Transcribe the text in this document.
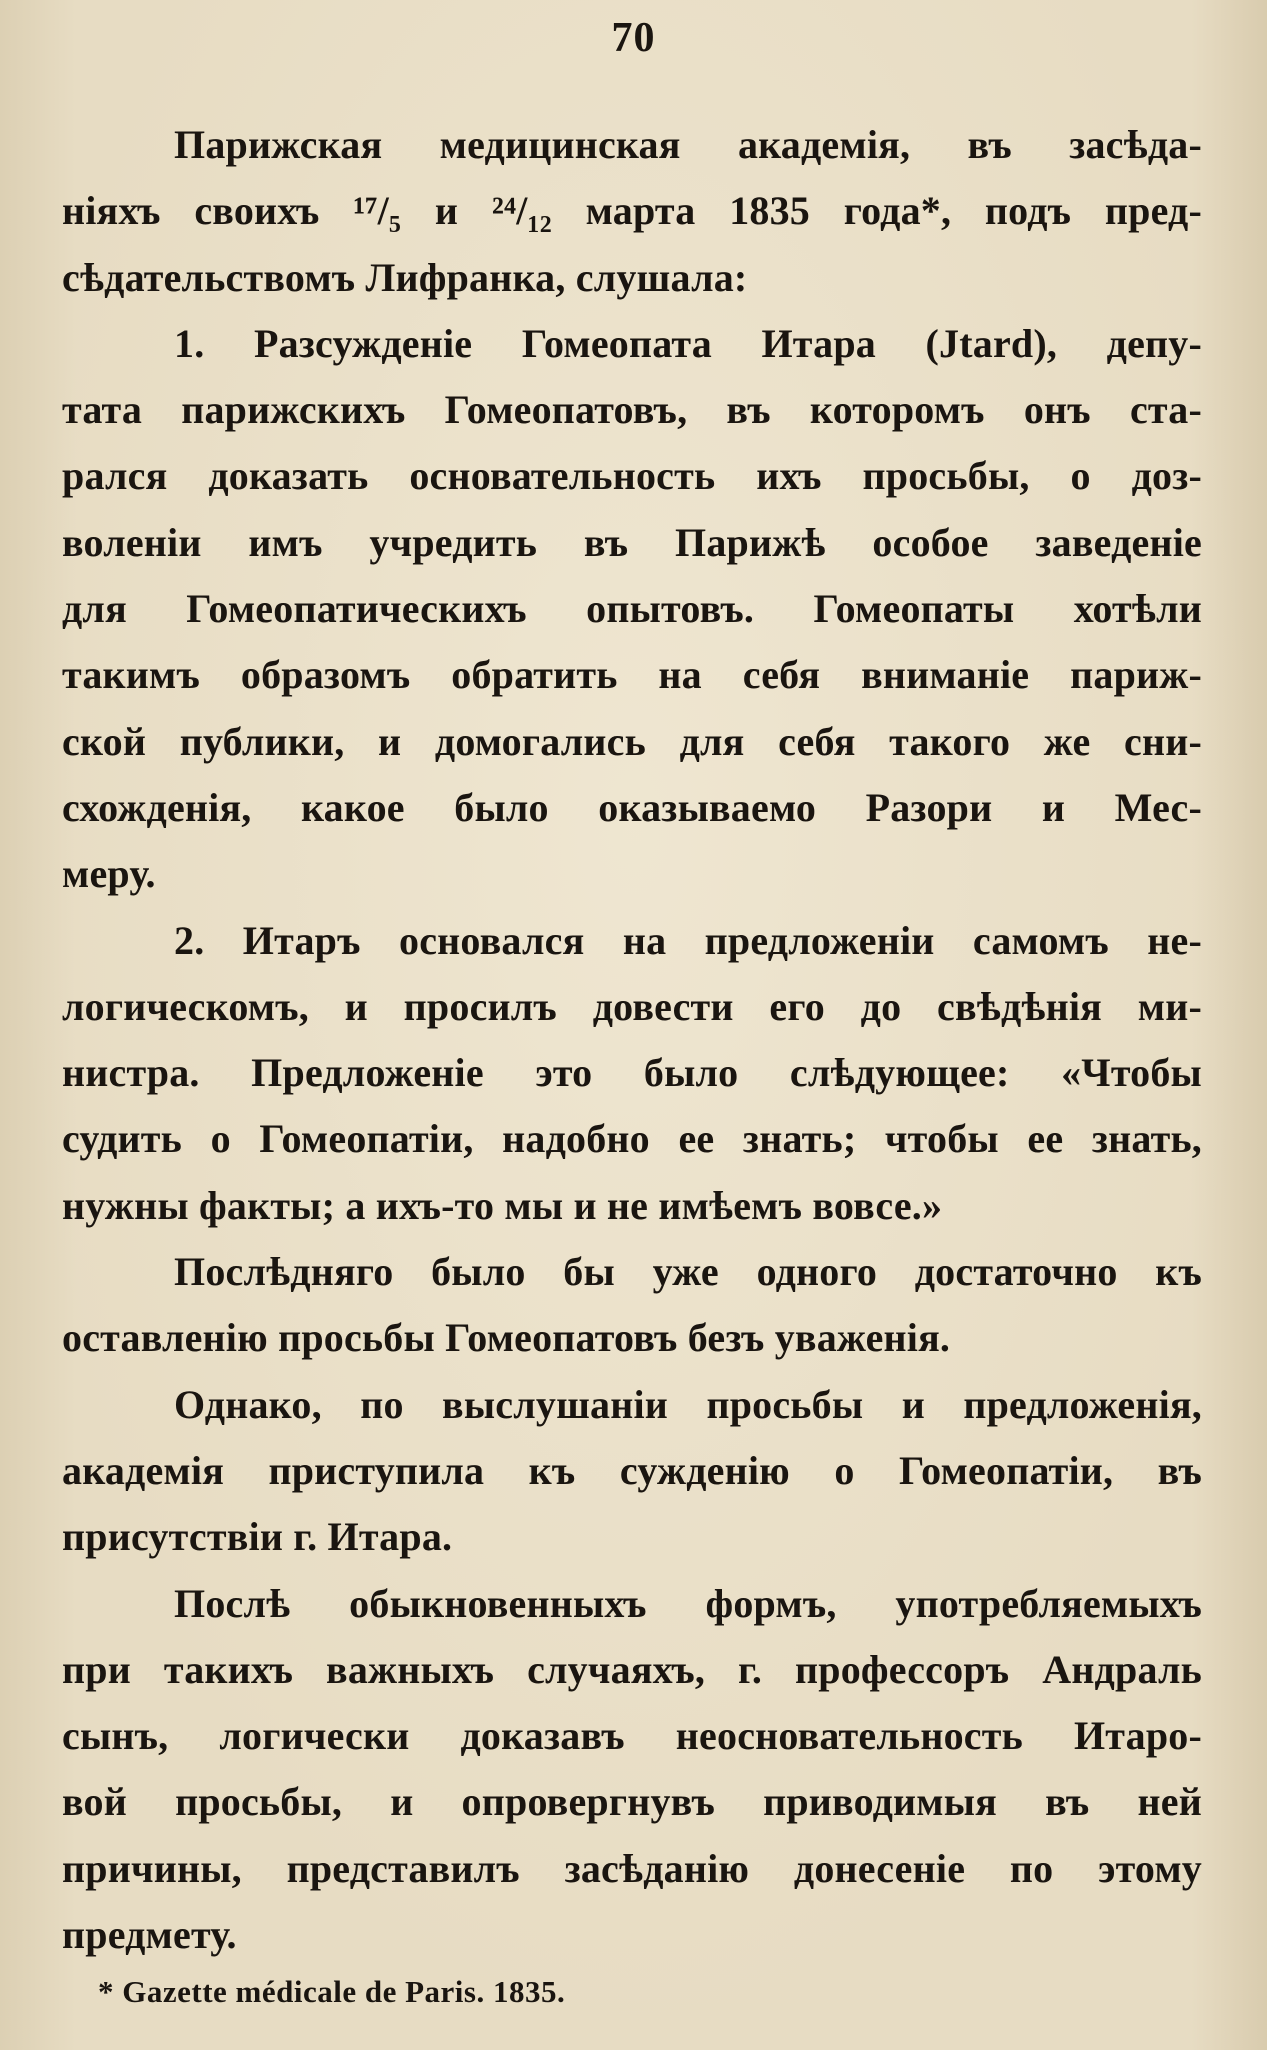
70
Парижская медицинская академія, въ засѣда-
ніяхъ своихъ ¹⁷/₅ и ²⁴/₁₂ марта 1835 года*, подъ пред-
сѣдательствомъ Лифранка, слушала:
1. Разсужденіе Гомеопата Итара (Jtard), депу-
тата парижскихъ Гомеопатовъ, въ которомъ онъ ста-
рался доказать основательность ихъ просьбы, о доз-
воленіи имъ учредить въ Парижѣ особое заведеніе
для Гомеопатическихъ опытовъ. Гомеопаты хотѣли
такимъ образомъ обратить на себя вниманіе париж-
ской публики, и домогались для себя такого же сни-
схожденія, какое было оказываемо Разори и Мес-
меру.
2. Итаръ основался на предложеніи самомъ не-
логическомъ, и просилъ довести его до свѣдѣнія ми-
нистра. Предложеніе это было слѣдующее: «Чтобы
судить о Гомеопатіи, надобно ее знать; чтобы ее знать,
нужны факты; а ихъ-то мы и не имѣемъ вовсе.»
Послѣдняго было бы уже одного достаточно къ
оставленію просьбы Гомеопатовъ безъ уваженія.
Однако, по выслушаніи просьбы и предложенія,
академія приступила къ сужденію о Гомеопатіи, въ
присутствіи г. Итара.
Послѣ обыкновенныхъ формъ, употребляемыхъ
при такихъ важныхъ случаяхъ, г. профессоръ Андраль
сынъ, логически доказавъ неосновательность Итаро-
вой просьбы, и опровергнувъ приводимыя въ ней
причины, представилъ засѣданію донесеніе по этому
предмету.
* Gazette médicale de Paris. 1835.
